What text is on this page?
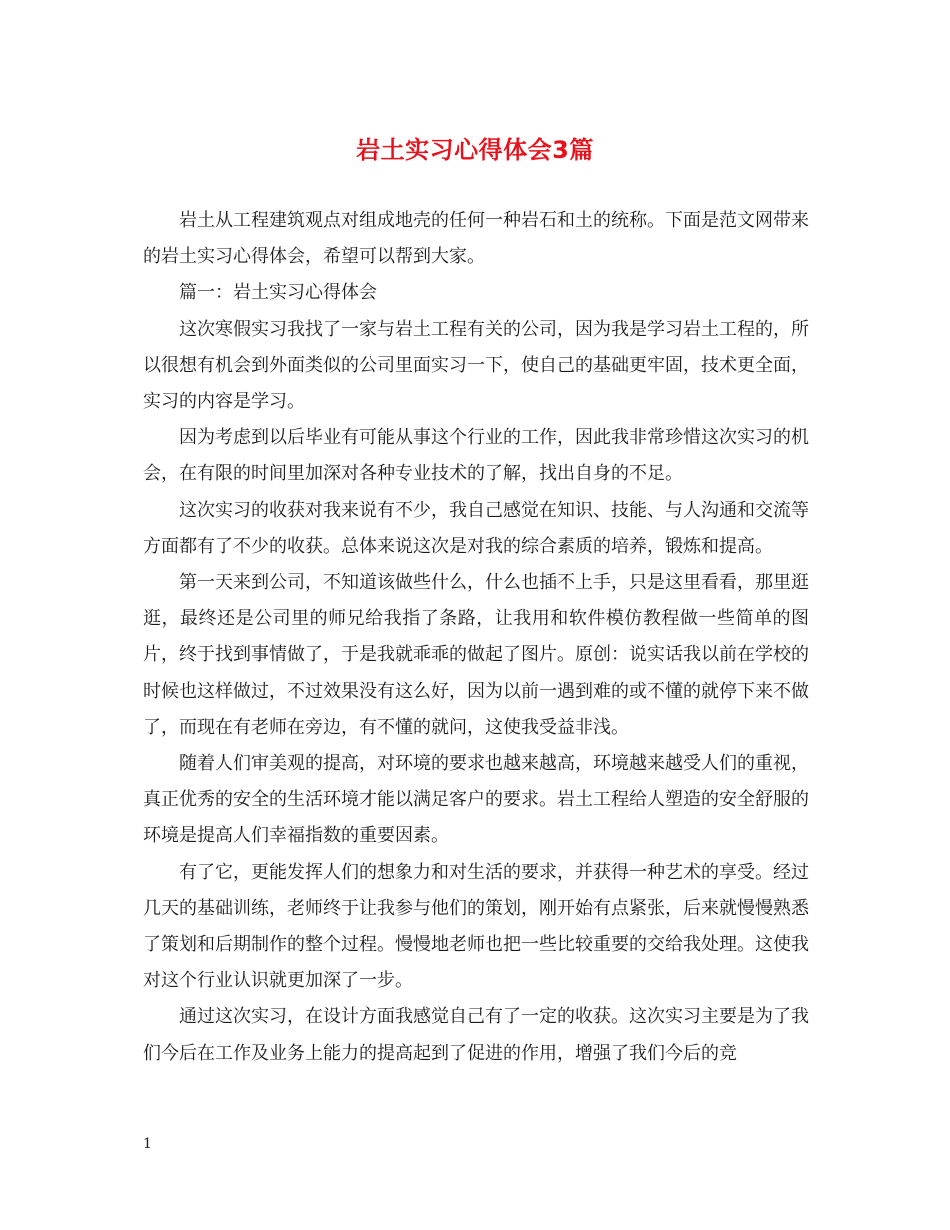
岩土实习心得体会3篇

岩土从工程建筑观点对组成地壳的任何一种岩石和土的统称。下面是范文网带来的岩土实习心得体会，希望可以帮到大家。

篇一：岩土实习心得体会

这次寒假实习我找了一家与岩土工程有关的公司，因为我是学习岩土工程的，所以很想有机会到外面类似的公司里面实习一下，使自己的基础更牢固，技术更全面，实习的内容是学习。

因为考虑到以后毕业有可能从事这个行业的工作，因此我非常珍惜这次实习的机会，在有限的时间里加深对各种专业技术的了解，找出自身的不足。

这次实习的收获对我来说有不少，我自己感觉在知识、技能、与人沟通和交流等方面都有了不少的收获。总体来说这次是对我的综合素质的培养，锻炼和提高。

第一天来到公司，不知道该做些什么，什么也插不上手，只是这里看看，那里逛逛，最终还是公司里的师兄给我指了条路，让我用和软件模仿教程做一些简单的图片，终于找到事情做了，于是我就乖乖的做起了图片。原创：说实话我以前在学校的时候也这样做过，不过效果没有这么好，因为以前一遇到难的或不懂的就停下来不做了，而现在有老师在旁边，有不懂的就问，这使我受益非浅。

随着人们审美观的提高，对环境的要求也越来越高，环境越来越受人们的重视，真正优秀的安全的生活环境才能以满足客户的要求。岩土工程给人塑造的安全舒服的环境是提高人们幸福指数的重要因素。

有了它，更能发挥人们的想象力和对生活的要求，并获得一种艺术的享受。经过几天的基础训练，老师终于让我参与他们的策划，刚开始有点紧张，后来就慢慢熟悉了策划和后期制作的整个过程。慢慢地老师也把一些比较重要的交给我处理。这使我对这个行业认识就更加深了一步。

通过这次实习，在设计方面我感觉自己有了一定的收获。这次实习主要是为了我们今后在工作及业务上能力的提高起到了促进的作用，增强了我们今后的竞

1
